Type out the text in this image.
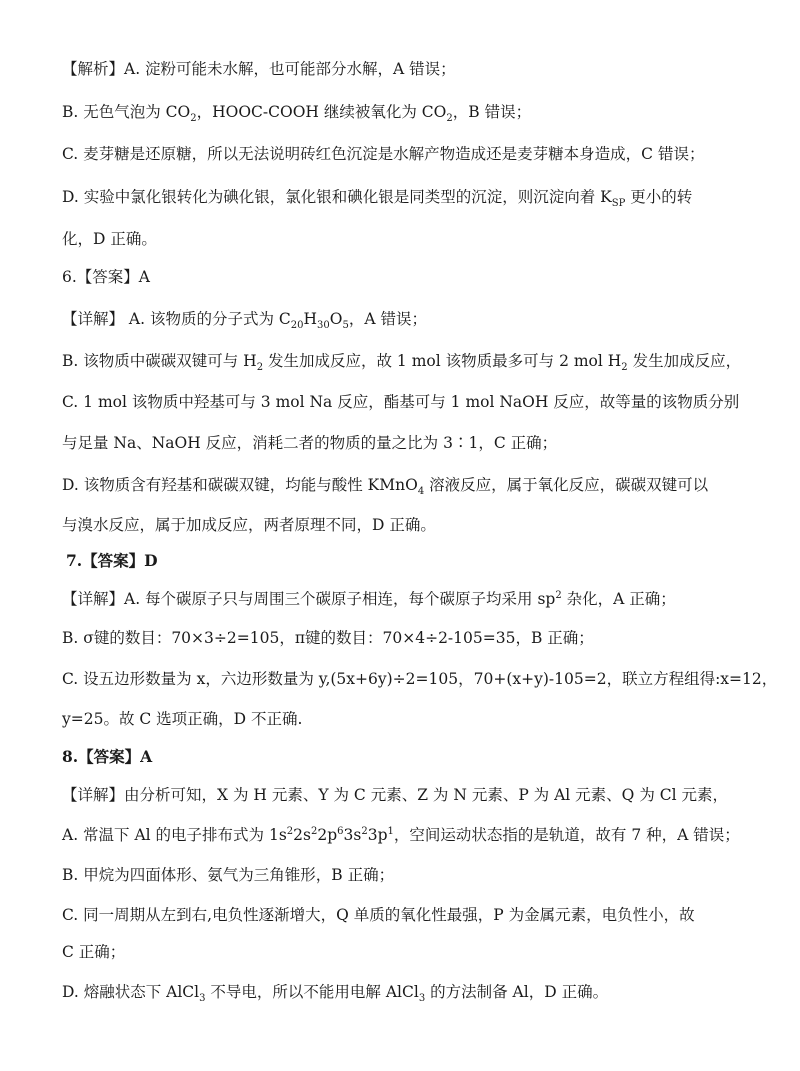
【解析】A. 淀粉可能未水解，也可能部分水解，A 错误；
B. 无色气泡为 $CO_2$，HOOC-COOH 继续被氧化为 $CO_2$，B 错误；
C. 麦芽糖是还原糖，所以无法说明砖红色沉淀是水解产物造成还是麦芽糖本身造成，C 错误；
D. 实验中氯化银转化为碘化银，氯化银和碘化银是同类型的沉淀，则沉淀向着 $K_{SP}$ 更小的转
化，D 正确。
6.【答案】A
【详解】 A. 该物质的分子式为 $C_{20}H_{30}O_5$，A 错误；
B. 该物质中碳碳双键可与 $H_2$ 发生加成反应，故 1 mol 该物质最多可与 2 mol $H_2$ 发生加成反应，
C. 1 mol 该物质中羟基可与 3 mol Na 反应，酯基可与 1 mol NaOH 反应，故等量的该物质分别
与足量 Na、NaOH 反应，消耗二者的物质的量之比为 3∶1，C 正确；
D. 该物质含有羟基和碳碳双键，均能与酸性 KMnO$_4$ 溶液反应，属于氧化反应，碳碳双键可以
与溴水反应，属于加成反应，两者原理不同，D 正确。
7.【答案】D
【详解】A. 每个碳原子只与周围三个碳原子相连，每个碳原子均采用 $sp^2$ 杂化，A 正确；
B. σ键的数目：70×3÷2=105，π键的数目：70×4÷2-105=35，B 正确；
C. 设五边形数量为 x，六边形数量为 y,(5x+6y)÷2=105，70+(x+y)-105=2，联立方程组得:x=12，
y=25。故 C 选项正确，D 不正确.
8.【答案】A
【详解】由分析可知，X 为 H 元素、Y 为 C 元素、Z 为 N 元素、P 为 Al 元素、Q 为 Cl 元素，
A. 常温下 Al 的电子排布式为 $1s^22s^22p^63s^23p^1$，空间运动状态指的是轨道，故有 7 种，A 错误；
B. 甲烷为四面体形、氨气为三角锥形，B 正确；
C. 同一周期从左到右,电负性逐渐增大，Q 单质的氧化性最强，P 为金属元素，电负性小，故
C 正确；
D. 熔融状态下 AlCl$_3$ 不导电，所以不能用电解 AlCl$_3$ 的方法制备 Al，D 正确。
